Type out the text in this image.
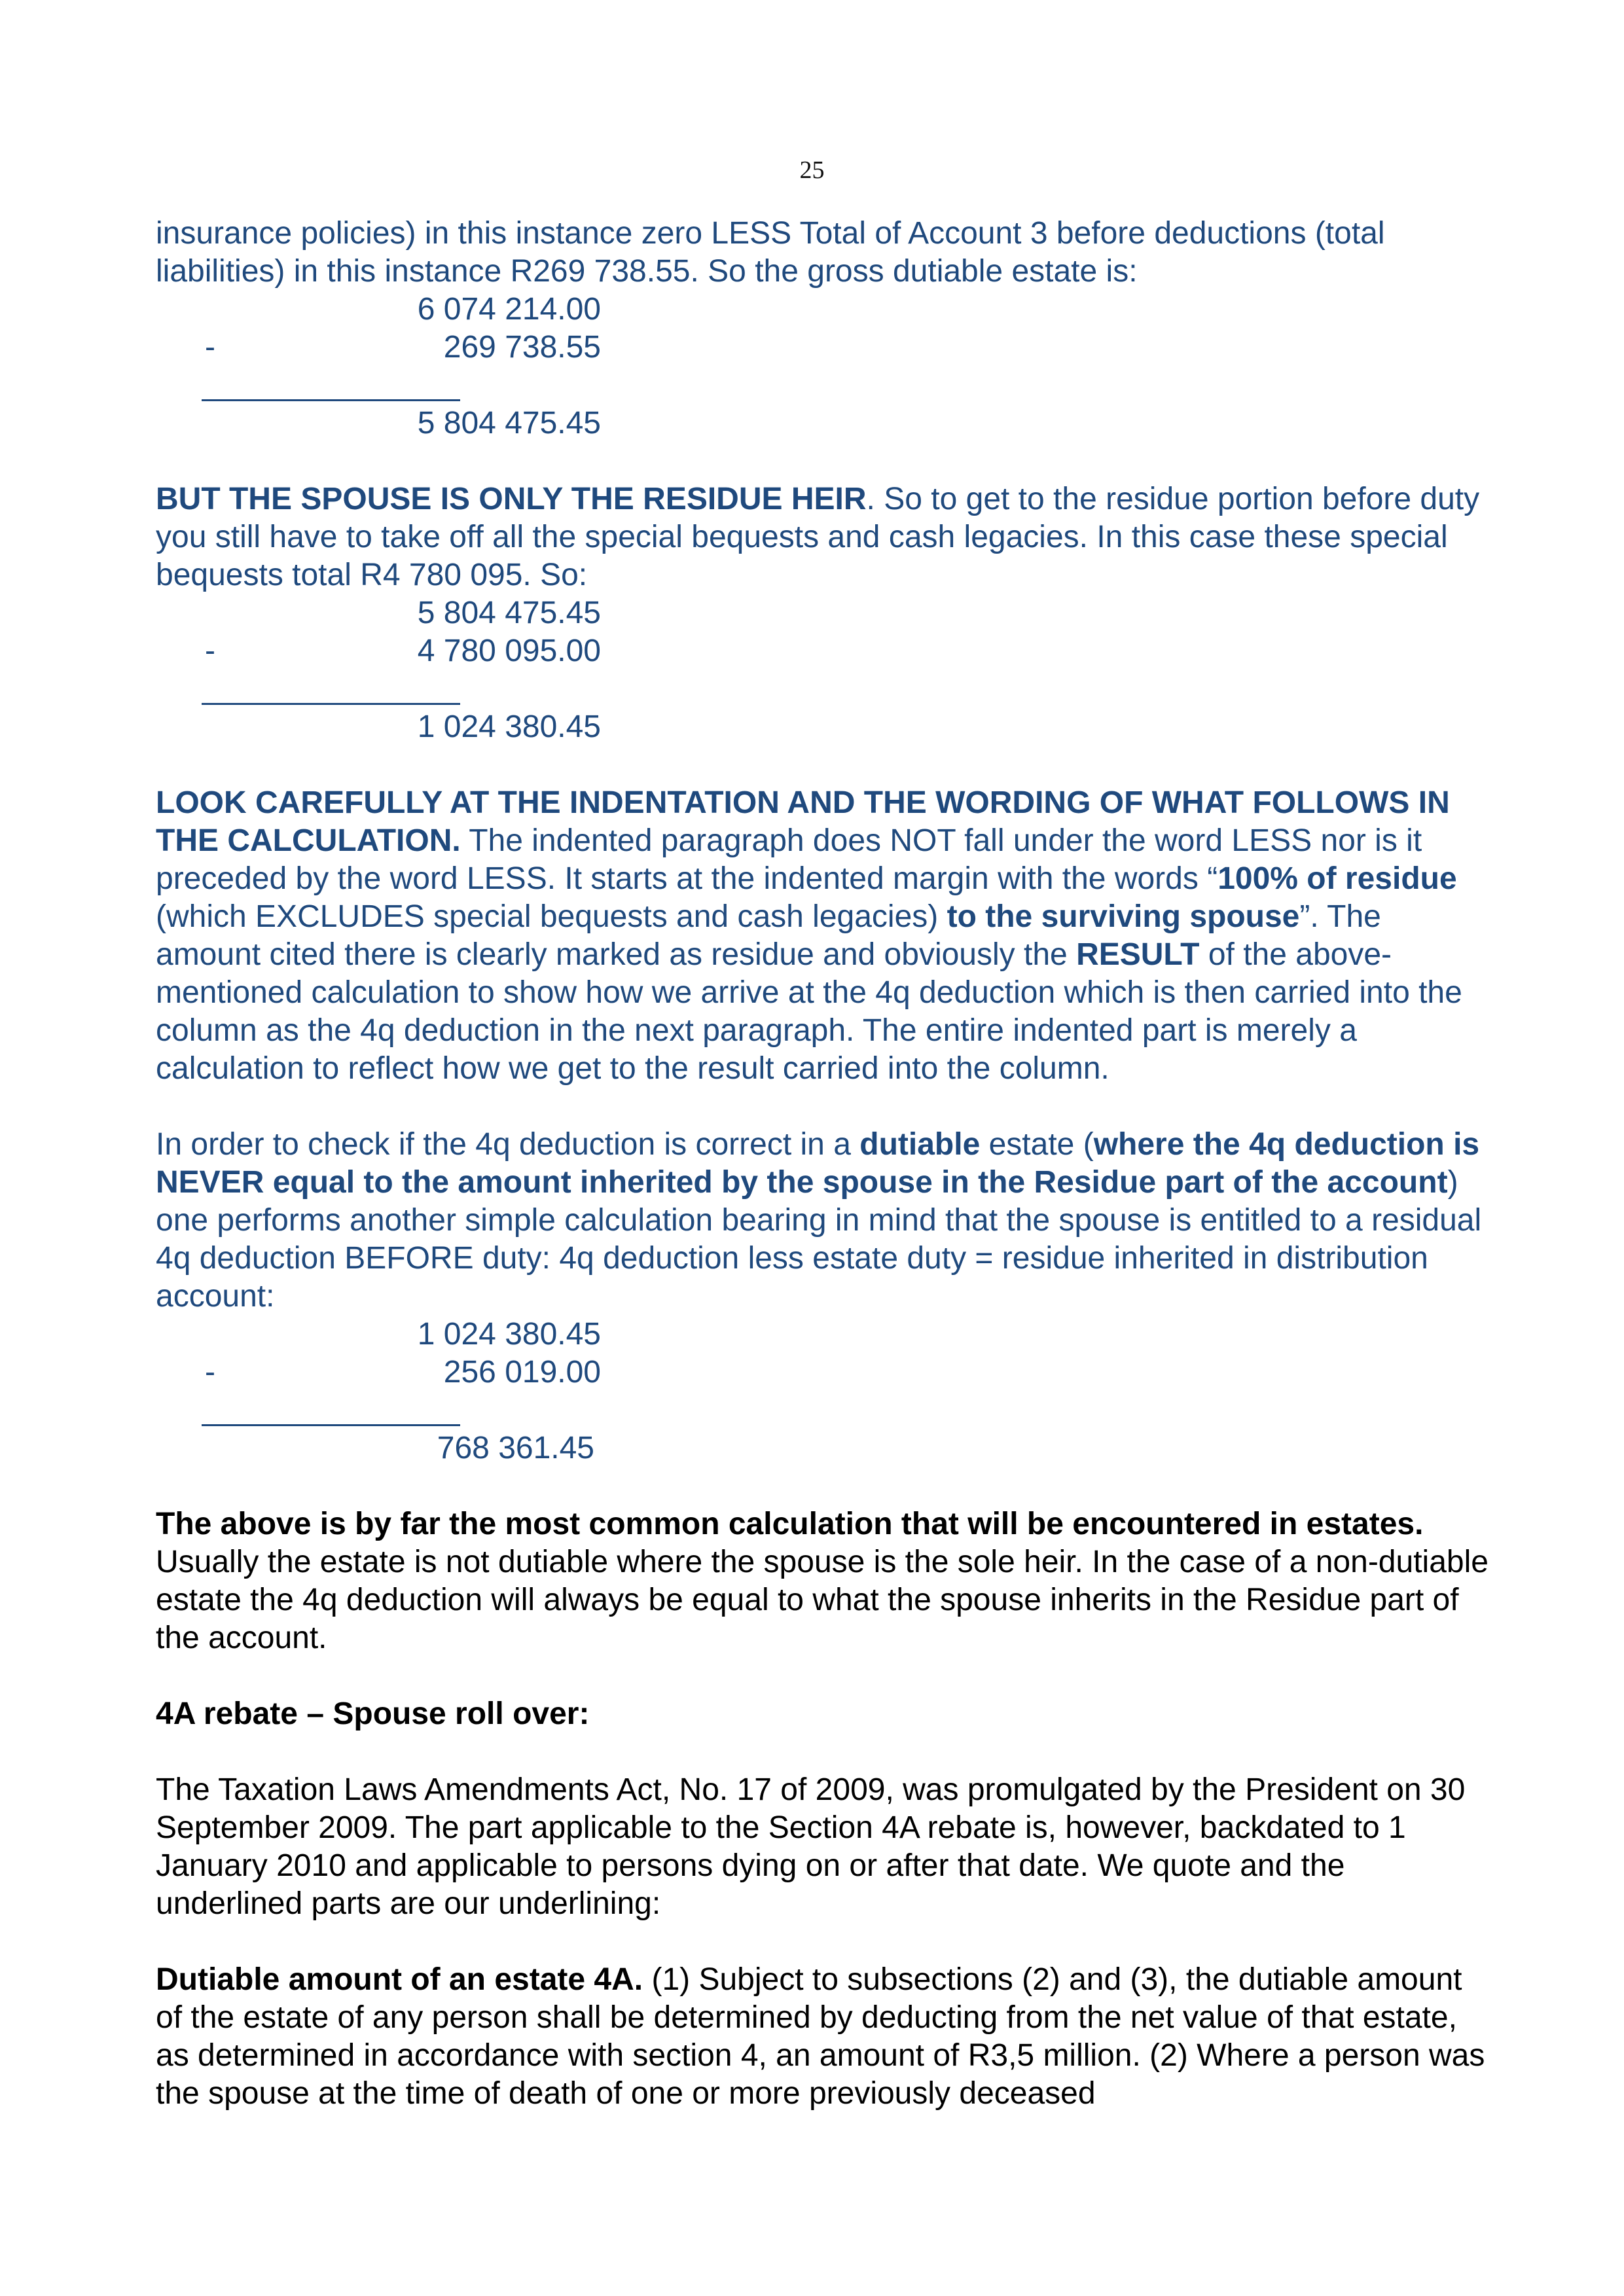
25

insurance policies) in this instance zero LESS Total of Account 3 before deductions (total liabilities) in this instance R269 738.55. So the gross dutiable estate is:

6 074 214.00
-	269 738.55
5 804 475.45

BUT THE SPOUSE IS ONLY THE RESIDUE HEIR. So to get to the residue portion before duty you still have to take off all the special bequests and cash legacies. In this case these special bequests total R4 780 095. So:

5 804 475.45
-	4 780 095.00
1 024 380.45

LOOK CAREFULLY AT THE INDENTATION AND THE WORDING OF WHAT FOLLOWS IN THE CALCULATION. The indented paragraph does NOT fall under the word LESS nor is it preceded by the word LESS. It starts at the indented margin with the words “100% of residue (which EXCLUDES special bequests and cash legacies) to the surviving spouse”. The amount cited there is clearly marked as residue and obviously the RESULT of the above-mentioned calculation to show how we arrive at the 4q deduction which is then carried into the column as the 4q deduction in the next paragraph. The entire indented part is merely a calculation to reflect how we get to the result carried into the column.

In order to check if the 4q deduction is correct in a dutiable estate (where the 4q deduction is NEVER equal to the amount inherited by the spouse in the Residue part of the account) one performs another simple calculation bearing in mind that the spouse is entitled to a residual 4q deduction BEFORE duty: 4q deduction less estate duty = residue inherited in distribution account:

1 024 380.45
-	256 019.00
768 361.45

The above is by far the most common calculation that will be encountered in estates. Usually the estate is not dutiable where the spouse is the sole heir. In the case of a non-dutiable estate the 4q deduction will always be equal to what the spouse inherits in the Residue part of the account.

4A rebate – Spouse roll over:

The Taxation Laws Amendments Act, No. 17 of 2009, was promulgated by the President on 30 September 2009. The part applicable to the Section 4A rebate is, however, backdated to 1 January 2010 and applicable to persons dying on or after that date. We quote and the underlined parts are our underlining:

Dutiable amount of an estate 4A. (1) Subject to subsections (2) and (3), the dutiable amount of the estate of any person shall be determined by deducting from the net value of that estate, as determined in accordance with section 4, an amount of R3,5 million. (2) Where a person was the spouse at the time of death of one or more previously deceased
